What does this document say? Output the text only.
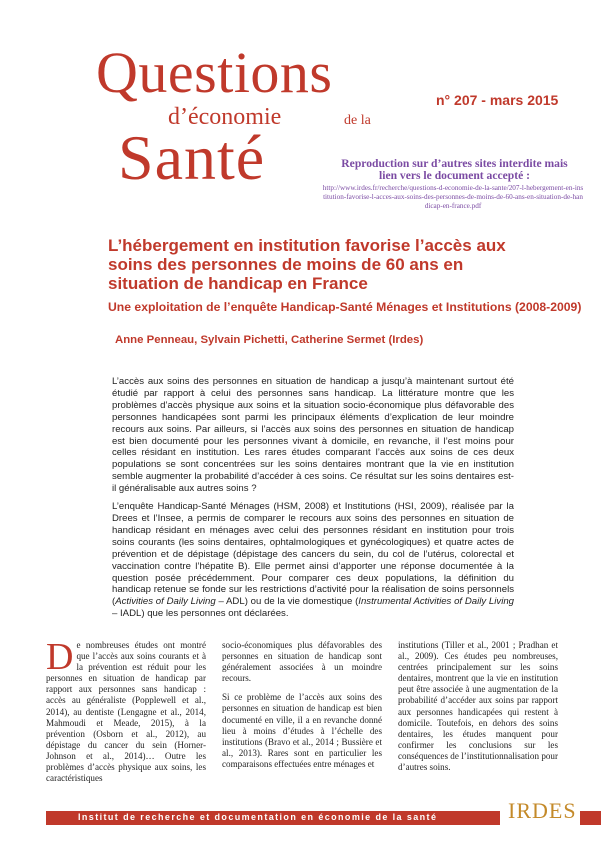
Questions
d’économie	de la
Santé
n° 207 - mars 2015
Reproduction sur d’autres sites interdite mais lien vers le document accepté :
http://www.irdes.fr/recherche/questions-d-economie-de-la-sante/207-l-hebergement-en-institution-favorise-l-acces-aux-soins-des-personnes-de-moins-de-60-ans-en-situation-de-handicap-en-france.pdf
L’hébergement en institution favorise l’accès aux soins des personnes de moins de 60 ans en situation de handicap en France
Une exploitation de l’enquête Handicap-Santé Ménages et Institutions (2008-2009)
Anne Penneau, Sylvain Pichetti, Catherine Sermet (Irdes)

L’accès aux soins des personnes en situation de handicap a jusqu’à maintenant surtout été étudié par rapport à celui des personnes sans handicap. La littérature montre que les problèmes d’accès physique aux soins et la situation socio-économique plus défavorable des personnes handicapées sont parmi les principaux éléments d’explication de leur moindre recours aux soins. Par ailleurs, si l’accès aux soins des personnes en situation de handicap est bien documenté pour les personnes vivant à domicile, en revanche, il l’est moins pour celles résidant en institution. Les rares études comparant l’accès aux soins de ces deux populations se sont concentrées sur les soins dentaires montrant que la vie en institution semble augmenter la probabilité d’accéder à ces soins. Ce résultat sur les soins dentaires est-il généralisable aux autres soins ?

L’enquête Handicap-Santé Ménages (HSM, 2008) et Institutions (HSI, 2009), réalisée par la Drees et l’Insee, a permis de comparer le recours aux soins des personnes en situation de handicap résidant en ménages avec celui des personnes résidant en institution pour trois soins courants (les soins dentaires, ophtalmologiques et gynécologiques) et quatre actes de prévention et de dépistage (dépistage des cancers du sein, du col de l’utérus, colorectal et vaccination contre l’hépatite B). Elle permet ainsi d’apporter une réponse documentée à la question posée précédemment. Pour comparer ces deux populations, la définition du handicap retenue se fonde sur les restrictions d’activité pour la réalisation de soins personnels (Activities of Daily Living – ADL) ou de la vie domestique (Instrumental Activities of Daily Living – IADL) que les personnes ont déclarées.

De nombreuses études ont montré que l’accès aux soins courants et à la prévention est réduit pour les personnes en situation de handicap par rapport aux personnes sans handicap : accès au généraliste (Popplewell et al., 2014), au dentiste (Lengagne et al., 2014, Mahmoudi et Meade, 2015), à la prévention (Osborn et al., 2012), au dépistage du cancer du sein (Horner-Johnson et al., 2014)… Outre les problèmes d’accès physique aux soins, les caractéristiques

socio-économiques plus défavorables des personnes en situation de handicap sont généralement associées à un moindre recours.

Si ce problème de l’accès aux soins des personnes en situation de handicap est bien documenté en ville, il a en revanche donné lieu à moins d’études à l’échelle des institutions (Bravo et al., 2014 ; Bussière et al., 2013). Rares sont en particulier les comparaisons effectuées entre ménages et

institutions (Tiller et al., 2001 ; Pradhan et al., 2009). Ces études peu nombreuses, centrées principalement sur les soins dentaires, montrent que la vie en institution peut être associée à une augmentation de la probabilité d’accéder aux soins par rapport aux personnes handicapées qui restent à domicile. Toutefois, en dehors des soins dentaires, les études manquent pour confirmer les conclusions sur les conséquences de l’institutionnalisation pour d’autres soins.

Institut de recherche et documentation en économie de la santé	IRDES
